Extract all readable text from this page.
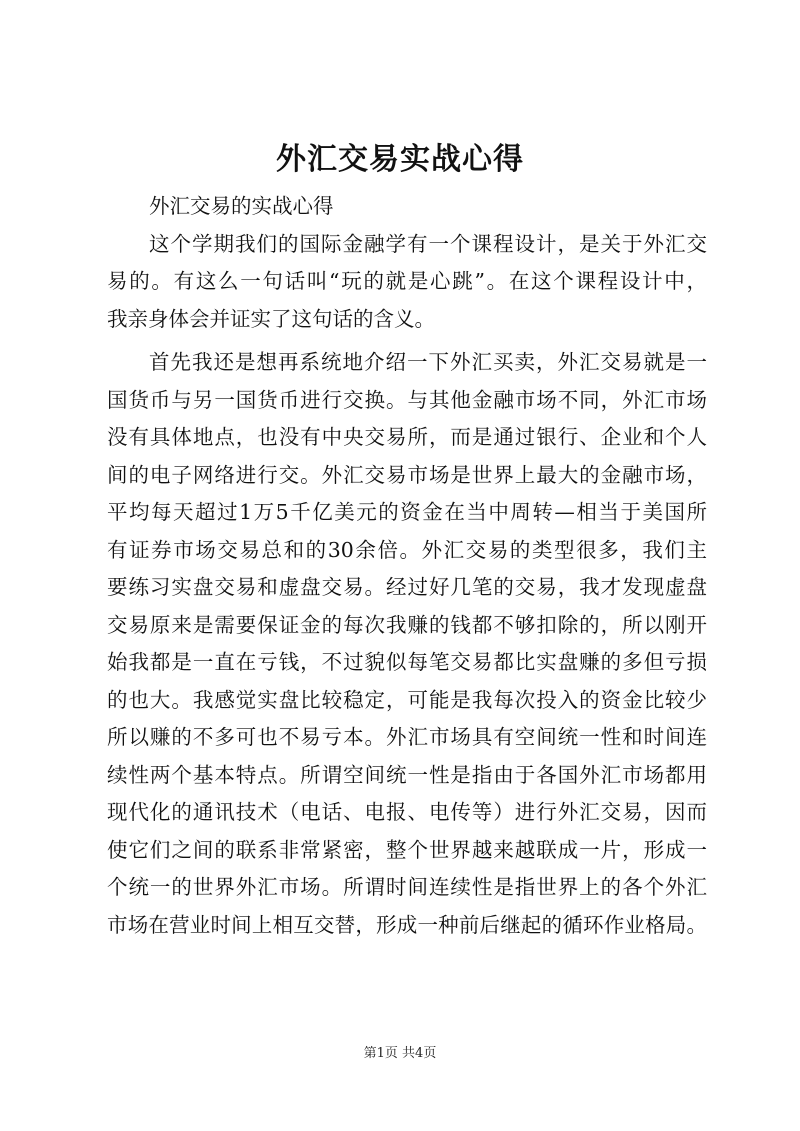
外汇交易实战心得
外汇交易的实战心得
这个学期我们的国际金融学有一个课程设计，是关于外汇交
易的。有这么一句话叫“玩的就是心跳”。在这个课程设计中，
我亲身体会并证实了这句话的含义。
首先我还是想再系统地介绍一下外汇买卖，外汇交易就是一
国货币与另一国货币进行交换。与其他金融市场不同，外汇市场
没有具体地点，也没有中央交易所，而是通过银行、企业和个人
间的电子网络进行交。外汇交易市场是世界上最大的金融市场，
平均每天超过1万5千亿美元的资金在当中周转—相当于美国所
有证券市场交易总和的30余倍。外汇交易的类型很多，我们主
要练习实盘交易和虚盘交易。经过好几笔的交易，我才发现虚盘
交易原来是需要保证金的每次我赚的钱都不够扣除的，所以刚开
始我都是一直在亏钱，不过貌似每笔交易都比实盘赚的多但亏损
的也大。我感觉实盘比较稳定，可能是我每次投入的资金比较少
所以赚的不多可也不易亏本。外汇市场具有空间统一性和时间连
续性两个基本特点。所谓空间统一性是指由于各国外汇市场都用
现代化的通讯技术（电话、电报、电传等）进行外汇交易，因而
使它们之间的联系非常紧密，整个世界越来越联成一片，形成一
个统一的世界外汇市场。所谓时间连续性是指世界上的各个外汇
市场在营业时间上相互交替，形成一种前后继起的循环作业格局。
第1页 共4页
